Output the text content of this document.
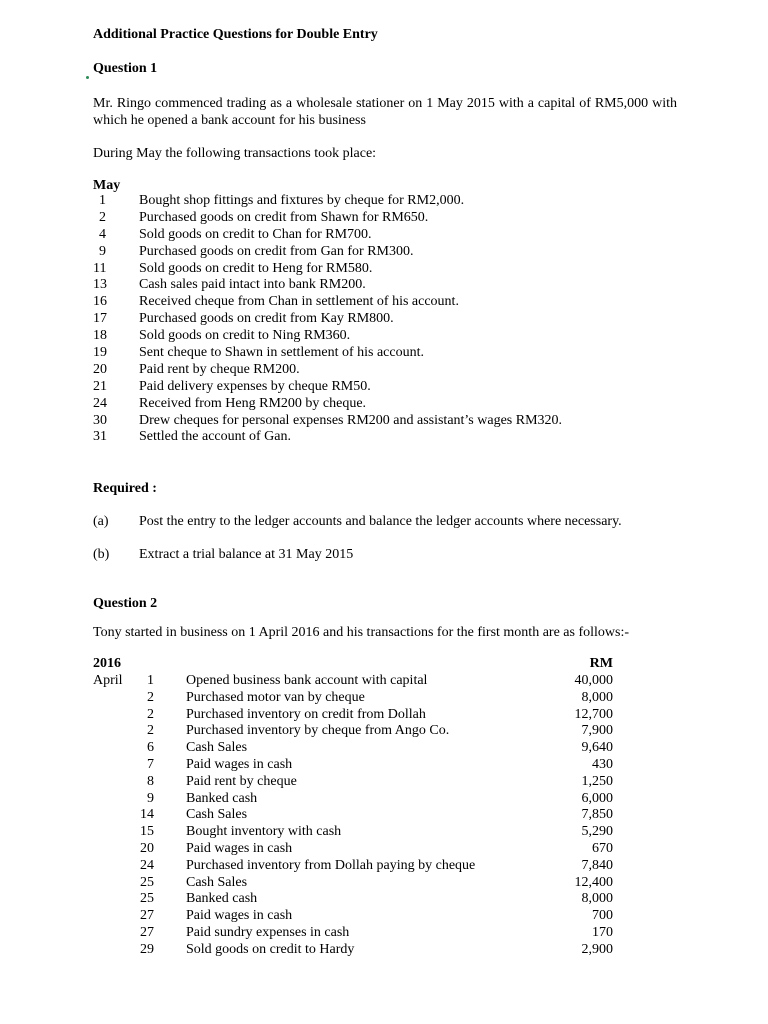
Additional Practice Questions for Double Entry
Question 1
Mr. Ringo commenced trading as a wholesale stationer on 1 May 2015 with a capital of RM5,000 with which he opened a bank account for his business
During May the following transactions took place:
May
1 Bought shop fittings and fixtures by cheque for RM2,000.
2 Purchased goods on credit from Shawn for RM650.
4 Sold goods on credit to Chan for RM700.
9 Purchased goods on credit from Gan for RM300.
11 Sold goods on credit to Heng for RM580.
13 Cash sales paid intact into bank RM200.
16 Received cheque from Chan in settlement of his account.
17 Purchased goods on credit from Kay RM800.
18 Sold goods on credit to Ning RM360.
19 Sent cheque to Shawn in settlement of his account.
20 Paid rent by cheque RM200.
21 Paid delivery expenses by cheque RM50.
24 Received from Heng RM200 by cheque.
30 Drew cheques for personal expenses RM200 and assistant’s wages RM320.
31 Settled the account of Gan.
Required :
(a) Post the entry to the ledger accounts and balance the ledger accounts where necessary.
(b) Extract a trial balance at 31 May 2015
Question 2
Tony started in business on 1 April 2016 and his transactions for the first month are as follows:-
2016	RM
April	1 Opened business bank account with capital	40,000
2 Purchased motor van by cheque	8,000
2 Purchased inventory on credit from Dollah	12,700
2 Purchased inventory by cheque from Ango Co.	7,900
6 Cash Sales	9,640
7 Paid wages in cash	430
8 Paid rent by cheque	1,250
9 Banked cash	6,000
14 Cash Sales	7,850
15 Bought inventory with cash	5,290
20 Paid wages in cash	670
24 Purchased inventory from Dollah paying by cheque	7,840
25 Cash Sales	12,400
25 Banked cash	8,000
27 Paid wages in cash	700
27 Paid sundry expenses in cash	170
29 Sold goods on credit to Hardy	2,900
